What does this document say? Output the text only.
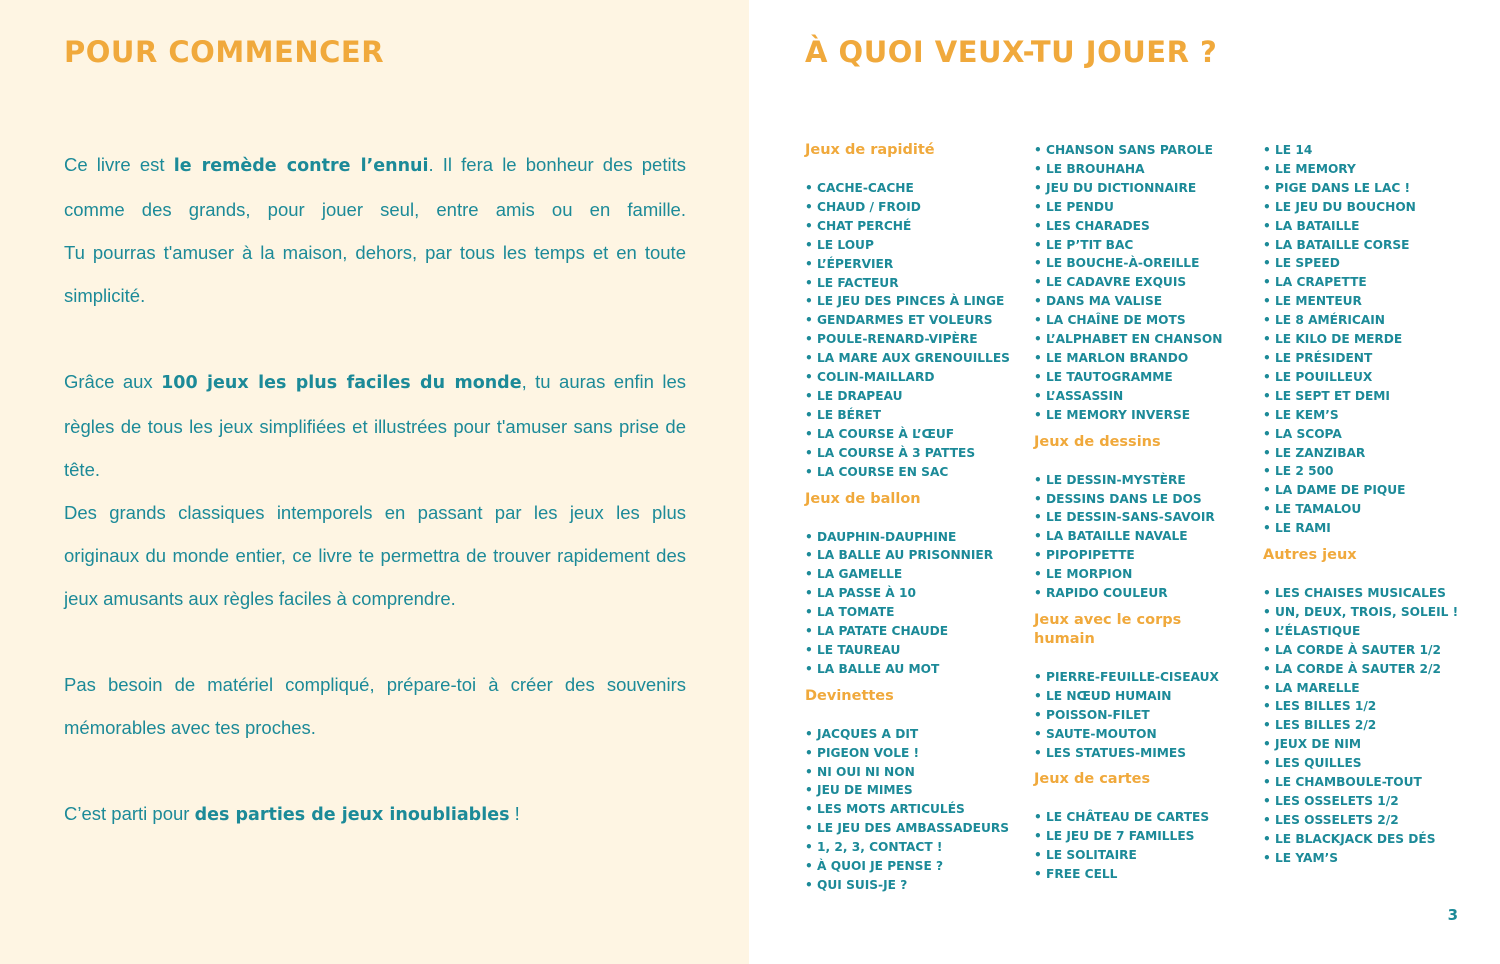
POUR COMMENCER

Ce livre est le remède contre l’ennui. Il fera le bonheur des petits comme des grands, pour jouer seul, entre amis ou en famille.

Tu pourras t'amuser à la maison, dehors, par tous les temps et en toute simplicité.

Grâce aux 100 jeux les plus faciles du monde, tu auras enfin les règles de tous les jeux simplifiées et illustrées pour t'amuser sans prise de tête.

Des grands classiques intemporels en passant par les jeux les plus originaux du monde entier, ce livre te permettra de trouver rapidement des jeux amusants aux règles faciles à comprendre.

Pas besoin de matériel compliqué, prépare-toi à créer des souvenirs mémorables avec tes proches.

C’est parti pour des parties de jeux inoubliables !

À QUOI VEUX-TU JOUER ?
Jeux de rapidité
• CACHE-CACHE
• CHAUD / FROID
• CHAT PERCHÉ
• LE LOUP
• L’ÉPERVIER
• LE FACTEUR
• LE JEU DES PINCES À LINGE
• GENDARMES ET VOLEURS
• POULE-RENARD-VIPÈRE
• LA MARE AUX GRENOUILLES
• COLIN-MAILLARD
• LE DRAPEAU
• LE BÉRET
• LA COURSE À L’ŒUF
• LA COURSE À 3 PATTES
• LA COURSE EN SAC
Jeux de ballon
• DAUPHIN-DAUPHINE
• LA BALLE AU PRISONNIER
• LA GAMELLE
• LA PASSE À 10
• LA TOMATE
• LA PATATE CHAUDE
• LE TAUREAU
• LA BALLE AU MOT
Devinettes
• JACQUES A DIT
• PIGEON VOLE !
• NI OUI NI NON
• JEU DE MIMES
• LES MOTS ARTICULÉS
• LE JEU DES AMBASSADEURS
• 1, 2, 3, CONTACT !
• À QUOI JE PENSE ?
• QUI SUIS-JE ?
• CHANSON SANS PAROLE
• LE BROUHAHA
• JEU DU DICTIONNAIRE
• LE PENDU
• LES CHARADES
• LE P’TIT BAC
• LE BOUCHE-À-OREILLE
• LE CADAVRE EXQUIS
• DANS MA VALISE
• LA CHAÎNE DE MOTS
• L’ALPHABET EN CHANSON
• LE MARLON BRANDO
• LE TAUTOGRAMME
• L’ASSASSIN
• LE MEMORY INVERSE
Jeux de dessins
• LE DESSIN-MYSTÈRE
• DESSINS DANS LE DOS
• LE DESSIN-SANS-SAVOIR
• LA BATAILLE NAVALE
• PIPOPIPETTE
• LE MORPION
• RAPIDO COULEUR
Jeux avec le corps
humain
• PIERRE-FEUILLE-CISEAUX
• LE NŒUD HUMAIN
• POISSON-FILET
• SAUTE-MOUTON
• LES STATUES-MIMES
Jeux de cartes
• LE CHÂTEAU DE CARTES
• LE JEU DE 7 FAMILLES
• LE SOLITAIRE
• FREE CELL
• LE 14
• LE MEMORY
• PIGE DANS LE LAC !
• LE JEU DU BOUCHON
• LA BATAILLE
• LA BATAILLE CORSE
• LE SPEED
• LA CRAPETTE
• LE MENTEUR
• LE 8 AMÉRICAIN
• LE KILO DE MERDE
• LE PRÉSIDENT
• LE POUILLEUX
• LE SEPT ET DEMI
• LE KEM’S
• LA SCOPA
• LE ZANZIBAR
• LE 2 500
• LA DAME DE PIQUE
• LE TAMALOU
• LE RAMI
Autres jeux
• LES CHAISES MUSICALES
• UN, DEUX, TROIS, SOLEIL !
• L’ÉLASTIQUE
• LA CORDE À SAUTER 1/2
• LA CORDE À SAUTER 2/2
• LA MARELLE
• LES BILLES 1/2
• LES BILLES 2/2
• JEUX DE NIM
• LES QUILLES
• LE CHAMBOULE-TOUT
• LES OSSELETS 1/2
• LES OSSELETS 2/2
• LE BLACKJACK DES DÉS
• LE YAM’S

3
